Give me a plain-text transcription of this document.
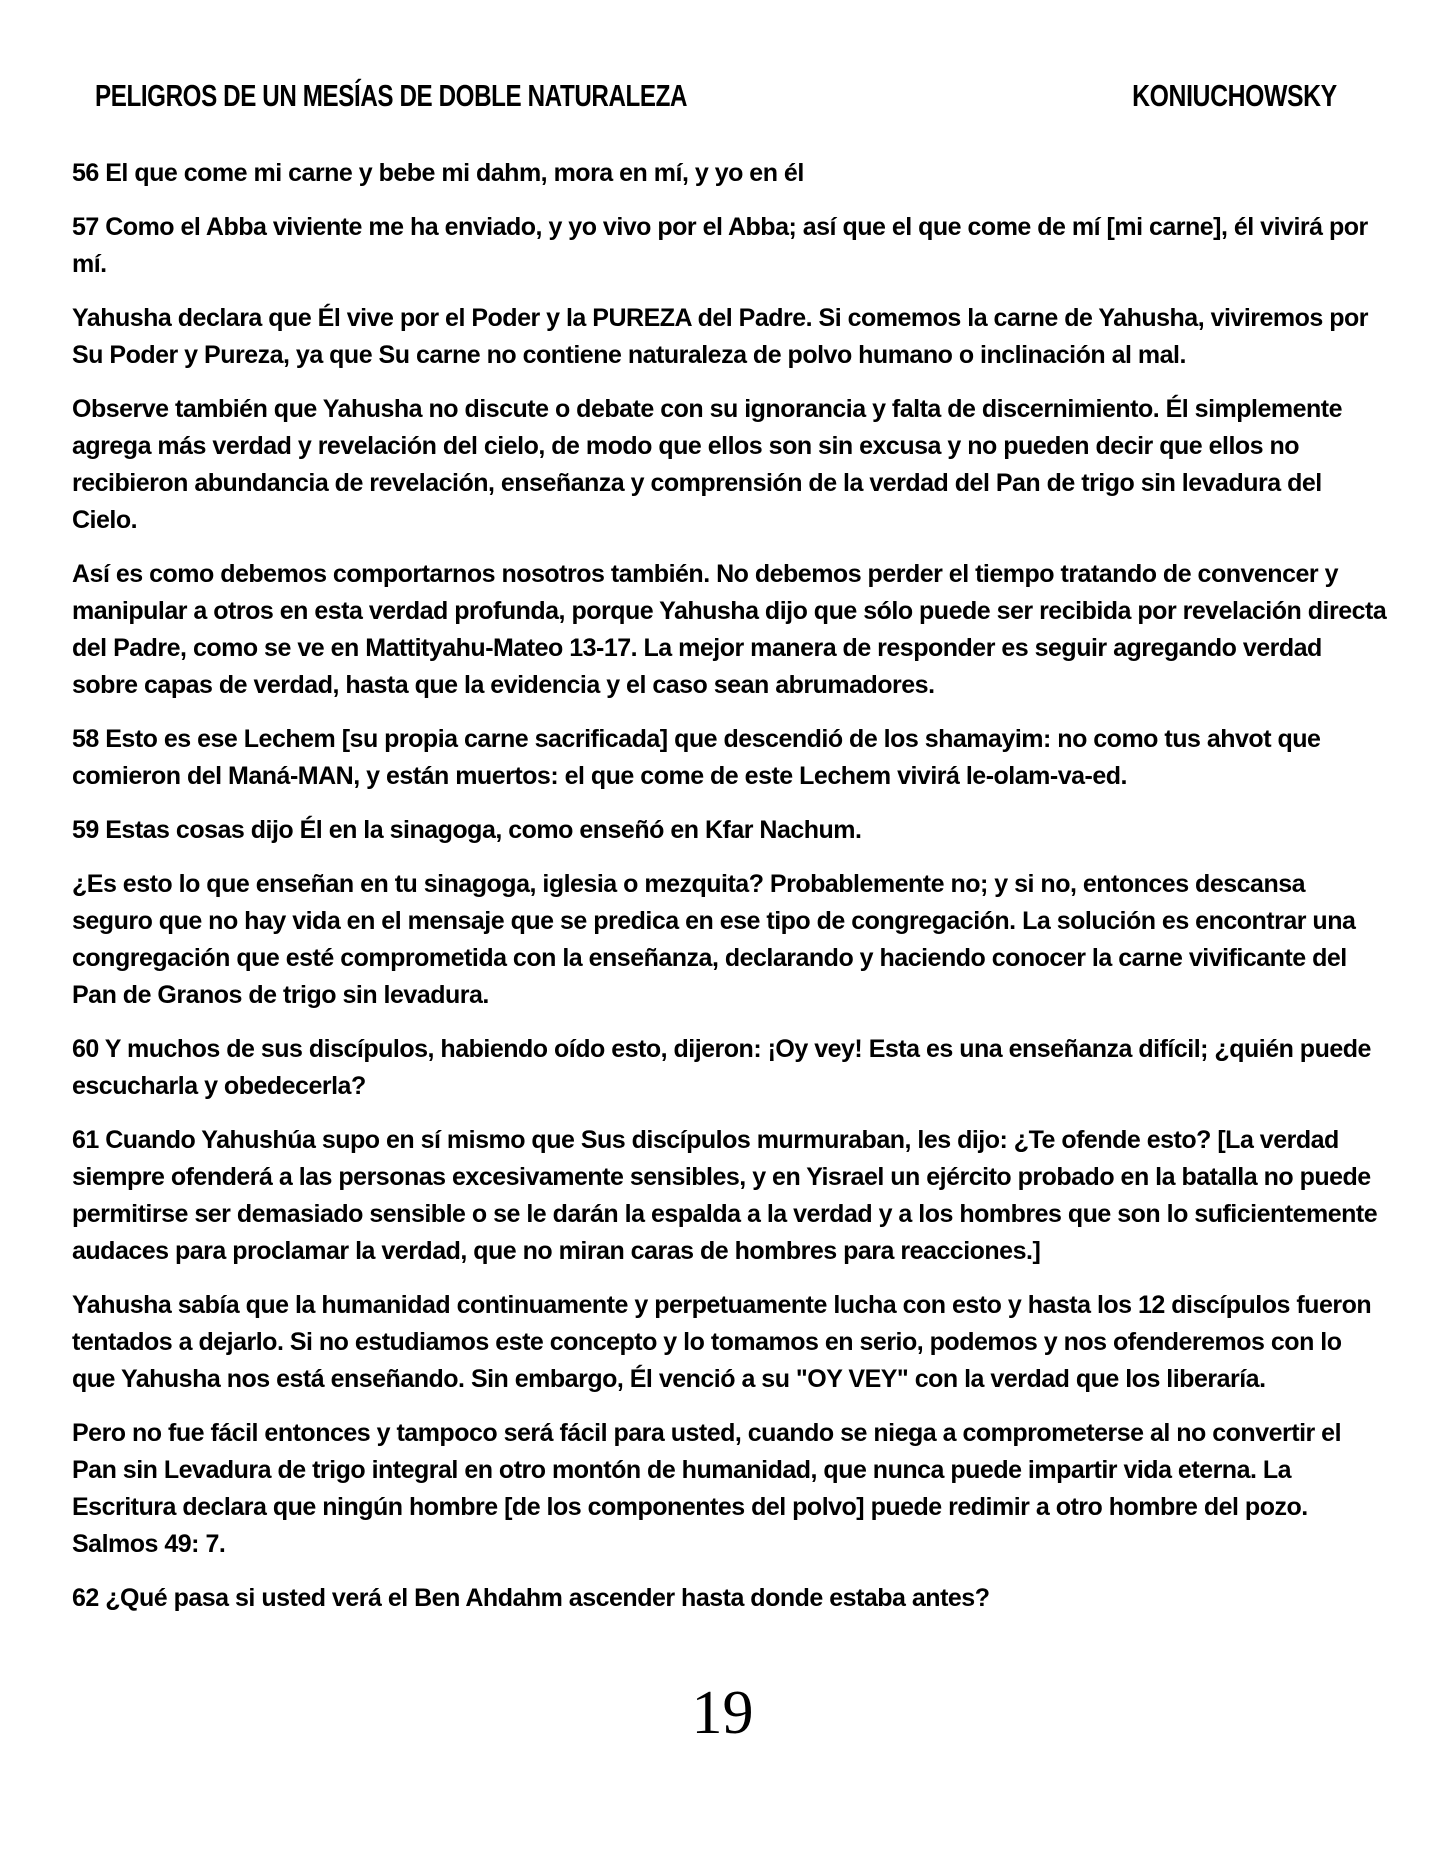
PELIGROS DE UN MESÍAS DE DOBLE NATURALEZA	KONIUCHOWSKY

56 El que come mi carne y bebe mi dahm, mora en mí, y yo en él

57 Como el Abba viviente me ha enviado, y yo vivo por el Abba; así que el que come de mí [mi carne], él vivirá por mí.

Yahusha declara que Él vive por el Poder y la PUREZA del Padre. Si comemos la carne de Yahusha, viviremos por Su Poder y Pureza, ya que Su carne no contiene naturaleza de polvo humano o inclinación al mal.

Observe también que Yahusha no discute o debate con su ignorancia y falta de discernimiento. Él simplemente agrega más verdad y revelación del cielo, de modo que ellos son sin excusa y no pueden decir que ellos no recibieron abundancia de revelación, enseñanza y comprensión de la verdad del Pan de trigo sin levadura del Cielo.

Así es como debemos comportarnos nosotros también. No debemos perder el tiempo tratando de convencer y manipular a otros en esta verdad profunda, porque Yahusha dijo que sólo puede ser recibida por revelación directa del Padre, como se ve en Mattityahu-Mateo 13-17. La mejor manera de responder es seguir agregando verdad sobre capas de verdad, hasta que la evidencia y el caso sean abrumadores.

58 Esto es ese Lechem [su propia carne sacrificada] que descendió de los shamayim: no como tus ahvot que comieron del Maná-MAN, y están muertos: el que come de este Lechem vivirá le-olam-va-ed.

59 Estas cosas dijo Él en la sinagoga, como enseñó en Kfar Nachum.

¿Es esto lo que enseñan en tu sinagoga, iglesia o mezquita? Probablemente no; y si no, entonces descansa seguro que no hay vida en el mensaje que se predica en ese tipo de congregación. La solución es encontrar una congregación que esté comprometida con la enseñanza, declarando y haciendo conocer la carne vivificante del Pan de Granos de trigo sin levadura.

60 Y muchos de sus discípulos, habiendo oído esto, dijeron: ¡Oy vey! Esta es una enseñanza difícil; ¿quién puede escucharla y obedecerla?

61 Cuando Yahushúa supo en sí mismo que Sus discípulos murmuraban, les dijo: ¿Te ofende esto? [La verdad siempre ofenderá a las personas excesivamente sensibles, y en Yisrael un ejército probado en la batalla no puede permitirse ser demasiado sensible o se le darán la espalda a la verdad y a los hombres que son lo suficientemente audaces para proclamar la verdad, que no miran caras de hombres para reacciones.]

Yahusha sabía que la humanidad continuamente y perpetuamente lucha con esto y hasta los 12 discípulos fueron tentados a dejarlo. Si no estudiamos este concepto y lo tomamos en serio, podemos y nos ofenderemos con lo que Yahusha nos está enseñando. Sin embargo, Él venció a su "OY VEY" con la verdad que los liberaría.

Pero no fue fácil entonces y tampoco será fácil para usted, cuando se niega a comprometerse al no convertir el Pan sin Levadura de trigo integral en otro montón de humanidad, que nunca puede impartir vida eterna. La Escritura declara que ningún hombre [de los componentes del polvo] puede redimir a otro hombre del pozo. Salmos 49: 7.

62 ¿Qué pasa si usted verá el Ben Ahdahm ascender hasta donde estaba antes?

19
